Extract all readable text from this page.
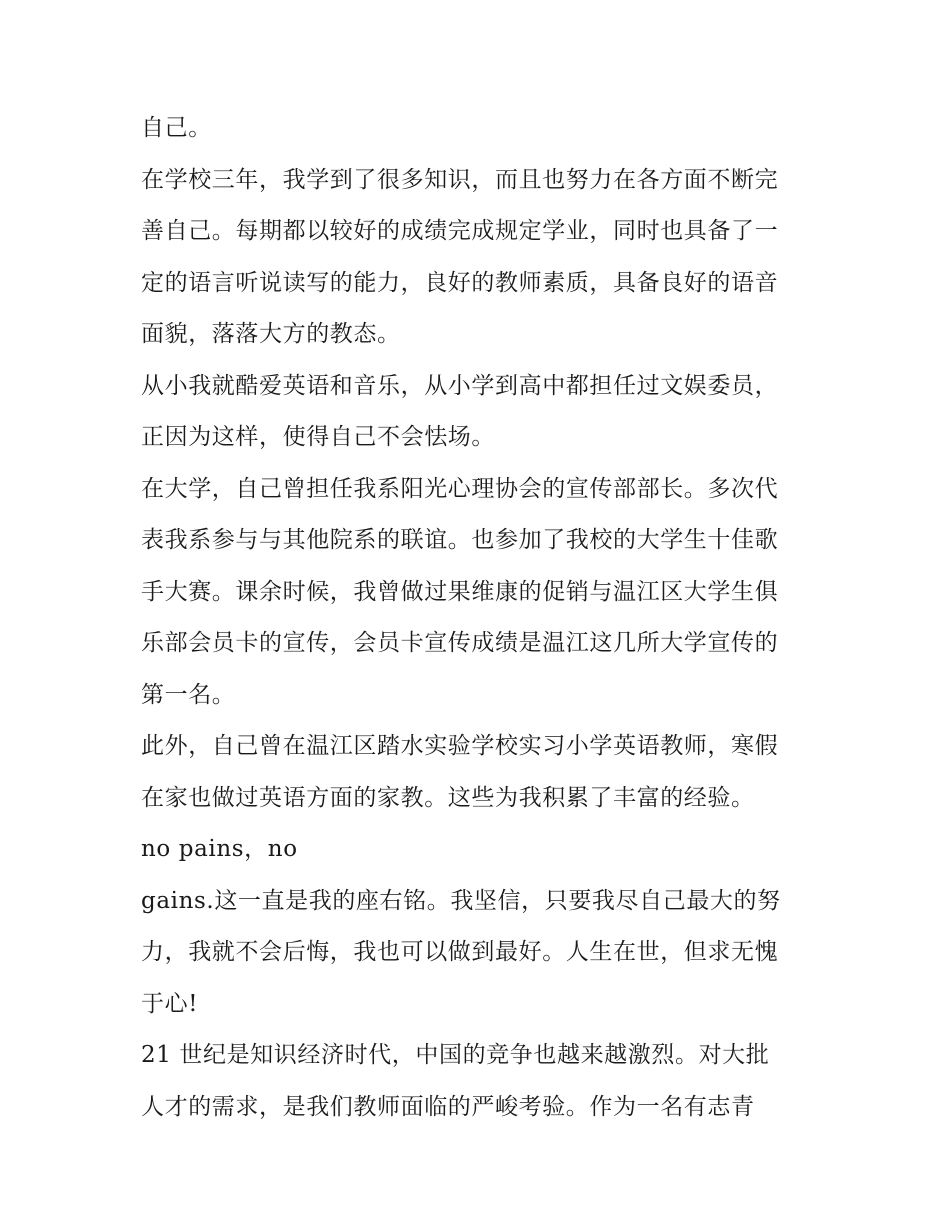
自己。
在学校三年，我学到了很多知识，而且也努力在各方面不断完
善自己。每期都以较好的成绩完成规定学业，同时也具备了一
定的语言听说读写的能力，良好的教师素质，具备良好的语音
面貌，落落大方的教态。
从小我就酷爱英语和音乐，从小学到高中都担任过文娱委员，
正因为这样，使得自己不会怯场。
在大学，自己曾担任我系阳光心理协会的宣传部部长。多次代
表我系参与与其他院系的联谊。也参加了我校的大学生十佳歌
手大赛。课余时候，我曾做过果维康的促销与温江区大学生俱
乐部会员卡的宣传，会员卡宣传成绩是温江这几所大学宣传的
第一名。
此外，自己曾在温江区踏水实验学校实习小学英语教师，寒假
在家也做过英语方面的家教。这些为我积累了丰富的经验。
no pains，no
gains.这一直是我的座右铭。我坚信，只要我尽自己最大的努
力，我就不会后悔，我也可以做到最好。人生在世，但求无愧
于心!
21 世纪是知识经济时代，中国的竞争也越来越激烈。对大批
人才的需求，是我们教师面临的严峻考验。作为一名有志青
